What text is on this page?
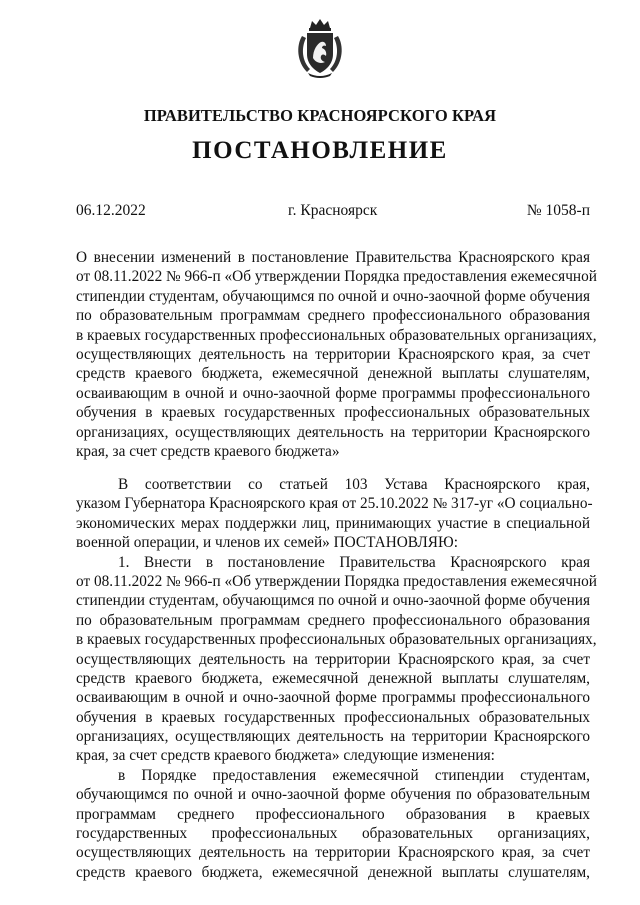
ПРАВИТЕЛЬСТВО КРАСНОЯРСКОГО КРАЯ
ПОСТАНОВЛЕНИЕ
06.12.2022	г. Красноярск	№ 1058-п
О внесении изменений в постановление Правительства Красноярского края
от 08.11.2022 № 966-п «Об утверждении Порядка предоставления ежемесячной
стипендии студентам, обучающимся по очной и очно-заочной форме обучения
по образовательным программам среднего профессионального образования
в краевых государственных профессиональных образовательных организациях,
осуществляющих деятельность на территории Красноярского края, за счет
средств краевого бюджета, ежемесячной денежной выплаты слушателям,
осваивающим в очной и очно-заочной форме программы профессионального
обучения в краевых государственных профессиональных образовательных
организациях, осуществляющих деятельность на территории Красноярского
края, за счет средств краевого бюджета»
В соответствии со статьей 103 Устава Красноярского края,
указом Губернатора Красноярского края от 25.10.2022 № 317-уг «О социально-
экономических мерах поддержки лиц, принимающих участие в специальной
военной операции, и членов их семей» ПОСТАНОВЛЯЮ:
1. Внести в постановление Правительства Красноярского края
от 08.11.2022 № 966-п «Об утверждении Порядка предоставления ежемесячной
стипендии студентам, обучающимся по очной и очно-заочной форме обучения
по образовательным программам среднего профессионального образования
в краевых государственных профессиональных образовательных организациях,
осуществляющих деятельность на территории Красноярского края, за счет
средств краевого бюджета, ежемесячной денежной выплаты слушателям,
осваивающим в очной и очно-заочной форме программы профессионального
обучения в краевых государственных профессиональных образовательных
организациях, осуществляющих деятельность на территории Красноярского
края, за счет средств краевого бюджета» следующие изменения:
в Порядке предоставления ежемесячной стипендии студентам,
обучающимся по очной и очно-заочной форме обучения по образовательным
программам среднего профессионального образования в краевых
государственных профессиональных образовательных организациях,
осуществляющих деятельность на территории Красноярского края, за счет
средств краевого бюджета, ежемесячной денежной выплаты слушателям,
